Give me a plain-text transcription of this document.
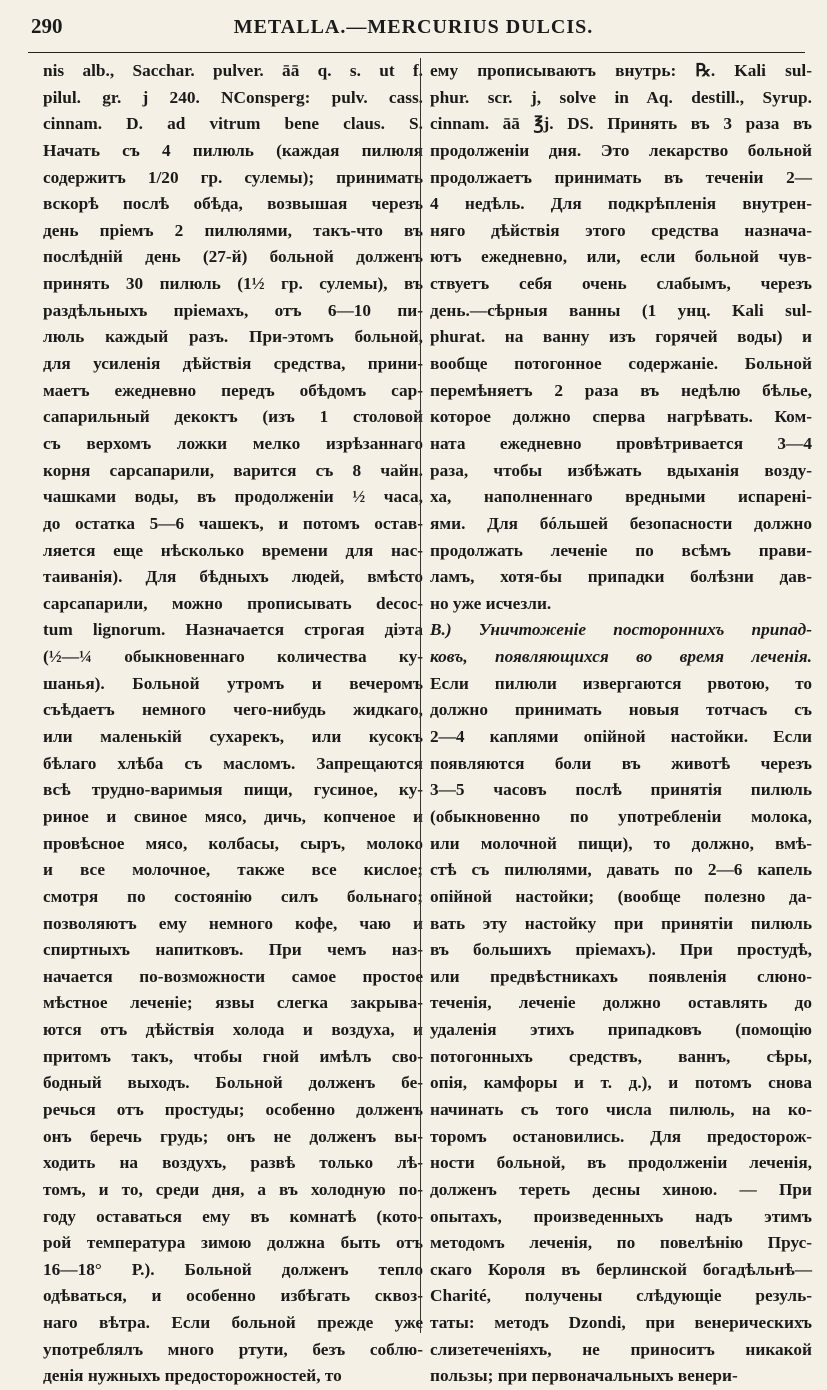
290	METALLA.—MERCURIUS DULCIS.
nis alb., Sacchar. pulver. āā q. s. ut f.
pilul. gr. j 240. NConsperg: pulv. cass.
cinnam. D. ad vitrum bene claus. S.
Начать съ 4 пилюль (каждая пилюля
содержитъ 1/20 гр. сулемы); принимать
вскорѣ послѣ обѣда, возвышая черезъ
день пріемъ 2 пилюлями, такъ-что въ
послѣдній день (27-й) больной долженъ
принять 30 пилюль (1½ гр. сулемы), въ
раздѣльныхъ пріемахъ, отъ 6—10 пи-
люль каждый разъ. При-этомъ больной,
для усиленія дѣйствія средства, прини-
маетъ ежедневно передъ обѣдомъ сар-
сапарильный декоктъ (изъ 1 столовой
съ верхомъ ложки мелко изрѣзаннаго
корня сарсапарили, варится съ 8 чайн.
чашками воды, въ продолженіи ½ часа,
до остатка 5—6 чашекъ, и потомъ остав-
ляется еще нѣсколько времени для нас-
таиванія). Для бѣдныхъ людей, вмѣсто
сарсапарили, можно прописывать decoc-
tum lignorum. Назначается строгая діэта
(½—¼ обыкновеннаго количества ку-
шанья). Больной утромъ и вечеромъ
съѣдаетъ немного чего-нибудь жидкаго,
или маленькій сухарекъ, или кусокъ
бѣлаго хлѣба съ масломъ. Запрещаются
всѣ трудно-варимыя пищи, гусиное, ку-
риное и свиное мясо, дичь, копченое и
провѣсное мясо, колбасы, сыръ, молоко
и все молочное, также все кислое;
смотря по состоянію силъ больнаго;
позволяютъ ему немного кофе, чаю и
спиртныхъ напитковъ. При чемъ наз-
начается по-возможности самое простое
мѣстное леченіе; язвы слегка закрыва-
ются отъ дѣйствія холода и воздуха, и
притомъ такъ, чтобы гной имѣлъ сво-
бодный выходъ. Больной долженъ бе-
речься отъ простуды; особенно долженъ
онъ беречь грудь; онъ не долженъ вы-
ходить на воздухъ, развѣ только лѣ-
томъ, и то, среди дня, а въ холодную по-
году оставаться ему въ комнатѣ (кото-
рой температура зимою должна быть отъ
16—18° Р.). Больной долженъ тепло
одѣваться, и особенно избѣгать сквоз-
наго вѣтра. Если больной прежде уже
употреблялъ много ртути, безъ соблю-
денія нужныхъ предосторожностей, то
ему прописываютъ внутрь: ℞. Kali sul-
phur. scr. j, solve in Aq. destill., Syrup.
cinnam. āā ℥j. DS. Принять въ 3 раза въ
продолженіи дня. Это лекарство больной
продолжаетъ принимать въ теченіи 2—
4 недѣль. Для подкрѣпленія внутрен-
няго дѣйствія этого средства назнача-
ютъ ежедневно, или, если больной чув-
ствуетъ себя очень слабымъ, черезъ
день.—сѣрныя ванны (1 унц. Kali sul-
phurat. на ванну изъ горячей воды) и
вообще потогонное содержаніе. Больной
перемѣняетъ 2 раза въ недѣлю бѣлье,
которое должно сперва нагрѣвать. Ком-
ната ежедневно провѣтривается 3—4
раза, чтобы избѣжать вдыханія возду-
ха, наполненнаго вредными испаренi-
ями. Для бóльшей безопасности должно
продолжать леченіе по всѣмъ прави-
ламъ, хотя-бы припадки болѣзни дав-
но уже исчезли.
B.) Уничтоженіе постороннихъ припад-
ковъ, появляющихся во время леченія.
Если пилюли извергаются рвотою, то
должно принимать новыя тотчасъ съ
2—4 каплями опійной настойки. Если
появляются боли въ животѣ черезъ
3—5 часовъ послѣ принятія пилюль
(обыкновенно по употребленіи молока,
или молочной пищи), то должно, вмѣ-
стѣ съ пилюлями, давать по 2—6 капель
опійной настойки; (вообще полезно да-
вать эту настойку при принятіи пилюль
въ большихъ пріемахъ). При простудѣ,
или предвѣстникахъ появленія слюно-
теченія, леченіе должно оставлять до
удаленія этихъ припадковъ (помощію
потогонныхъ средствъ, ваннъ, сѣры,
опія, камфоры и т. д.), и потомъ снова
начинать съ того числа пилюль, на ко-
торомъ остановились. Для предосторож-
ности больной, въ продолженіи леченія,
долженъ тереть десны хиною. — При
опытахъ, произведенныхъ надъ этимъ
методомъ леченія, по повелѣнію Прус-
скаго Короля въ берлинской богадѣльнѣ—
Charité, получены слѣдующіе резуль-
таты: методъ Dzondi, при венерическихъ
слизетеченіяхъ, не приноситъ никакой
пользы; при первоначальныхъ венери-
